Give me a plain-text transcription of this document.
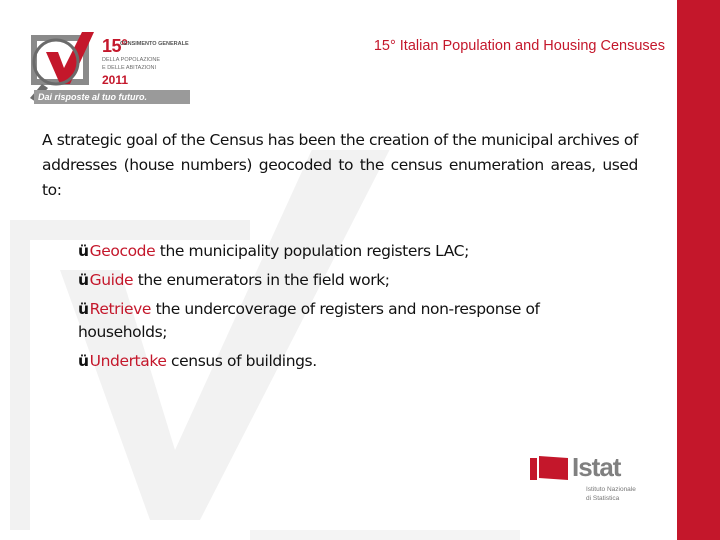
15°
CENSIMENTO GENERALE
DELLA POPOLAZIONE
E DELLE ABITAZIONI
2011
Dai risposte al tuo futuro.
15° Italian Population and Housing Censuses
A strategic goal of the Census has been the creation of the municipal archives of addresses (house numbers) geocoded to the census enumeration areas, used to:
üGeocode the municipality population registers LAC;
üGuide the enumerators in the field work;
üRetrieve the undercoverage of registers and non-response of households;
üUndertake census of buildings.
Istat
Istituto Nazionale
di Statistica
